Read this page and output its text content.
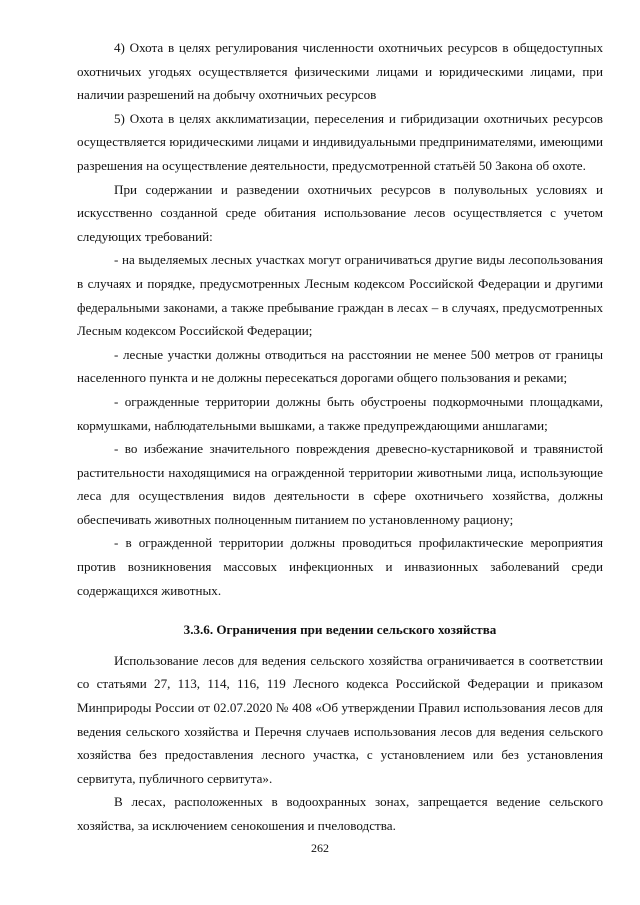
4) Охота в целях регулирования численности охотничьих ресурсов в общедоступных охотничьих угодьях осуществляется физическими лицами и юридическими лицами, при наличии разрешений на добычу охотничьих ресурсов

5) Охота в целях акклиматизации, переселения и гибридизации охотничьих ресурсов осуществляется юридическими лицами и индивидуальными предпринимателями, имеющими разрешения на осуществление деятельности, предусмотренной статьёй 50 Закона об охоте.

При содержании и разведении охотничьих ресурсов в полувольных условиях и искусственно созданной среде обитания использование лесов осуществляется с учетом следующих требований:

- на выделяемых лесных участках могут ограничиваться другие виды лесопользования в случаях и порядке, предусмотренных Лесным кодексом Российской Федерации и другими федеральными законами, а также пребывание граждан в лесах – в случаях, предусмотренных Лесным кодексом Российской Федерации;

- лесные участки должны отводиться на расстоянии не менее 500 метров от границы населенного пункта и не должны пересекаться дорогами общего пользования и реками;

- огражденные территории должны быть обустроены подкормочными площадками, кормушками, наблюдательными вышками, а также предупреждающими аншлагами;

- во избежание значительного повреждения древесно-кустарниковой и травянистой растительности находящимися на огражденной территории животными лица, использующие леса для осуществления видов деятельности в сфере охотничьего хозяйства, должны обеспечивать животных полноценным питанием по установленному рациону;

- в огражденной территории должны проводиться профилактические мероприятия против возникновения массовых инфекционных и инвазионных заболеваний среди содержащихся животных.

3.3.6. Ограничения при ведении сельского хозяйства

Использование лесов для ведения сельского хозяйства ограничивается в соответствии со статьями 27, 113, 114, 116, 119 Лесного кодекса Российской Федерации и приказом Минприроды России от 02.07.2020 № 408 «Об утверждении Правил использования лесов для ведения сельского хозяйства и Перечня случаев использования лесов для ведения сельского хозяйства без предоставления лесного участка, с установлением или без установления сервитута, публичного сервитута».

В лесах, расположенных в водоохранных зонах, запрещается ведение сельского хозяйства, за исключением сенокошения и пчеловодства.

262
